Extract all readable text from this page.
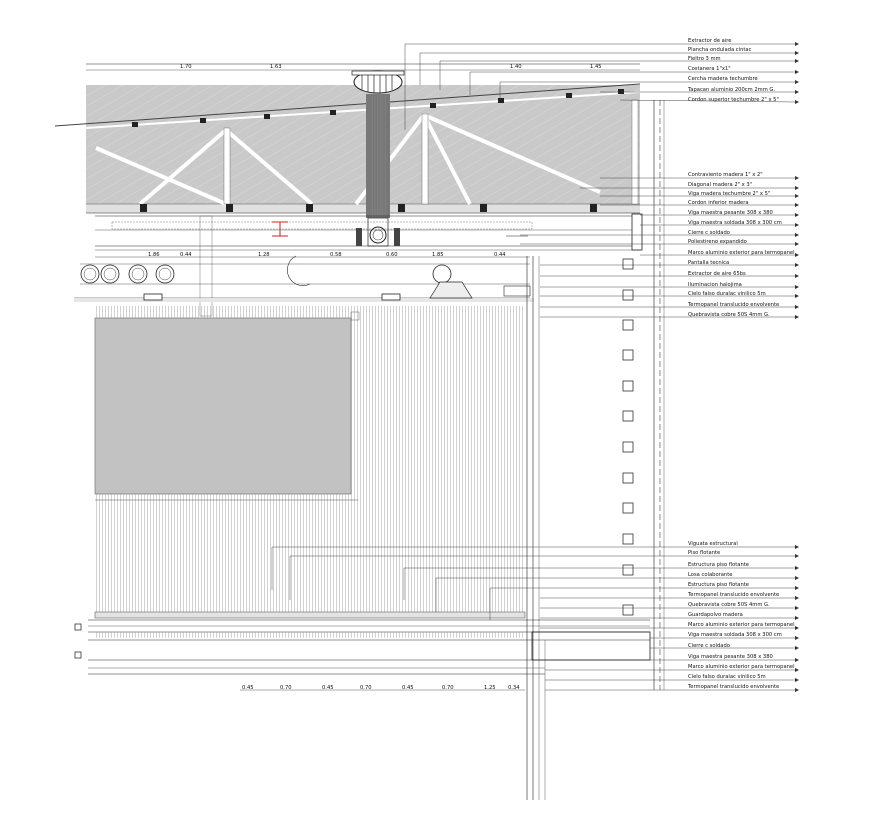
1.70	1.63	1.40	1.45
1.86	0.44	1.28	0.58	0.60	1.85	0.44
0.45	0.70	0.45	0.70	0.45	0.70	1.25 0.34
Extractor de aire
Plancha ondulada cintac
Fieltro 3 mm
Costanera 1"x1"
Cercha madera techumbre
Tapacan aluminio 200cm 2mm G.
Cordon superior techumbre 2" x 5"
Contraviento madera 1" x 2"
Diagonal madera 2" x 3"
Viga madera techumbre 2" x 5"
Cordon inferior madera
Viga maestra pesante 308 x 380
Viga maestra soldada 308 x 300 cm
Cierre c soldado
Poliestireno expandido
Marco aluminio exterior para termopanel
Pantalla tecnica
Extractor de aire 65bs
Iluminacion halojima
Cielo falso duralac vinilico 5m
Termopanel translucido envolvente
Quebravista cobre 50S 4mm G.
Viguata estructural
Piso flotante
Estructura piso flotante
Losa colaborante
Estructura piso flotante
Termopanel translucido envolvente
Quebravista cobre 50S 4mm G.
Guardapolvo madera
Marco aluminio exterior para termopanel
Viga maestra soldada 308 x 300 cm
Cierre c soldado
Viga maestra pesante 308 x 380
Marco aluminio exterior para termopanel
Cielo falso duralac vinilico 5m
Termopanel translucido envolvente
